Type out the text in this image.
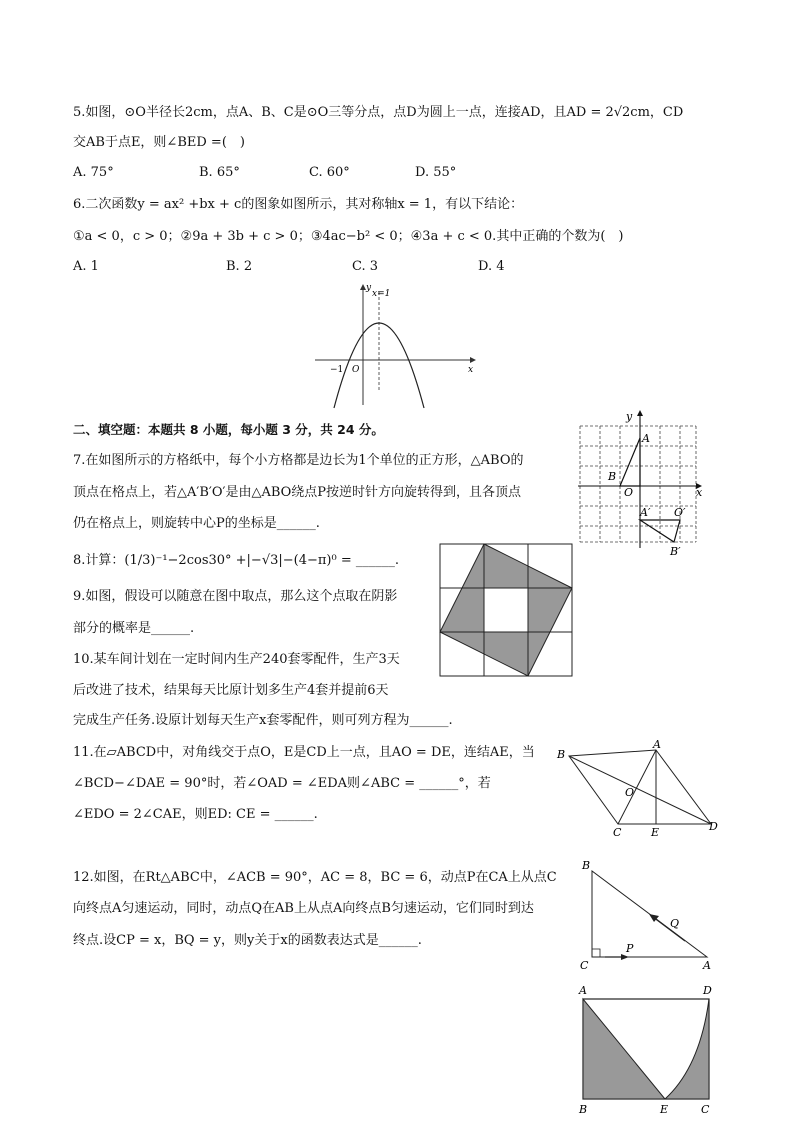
5.如图，⊙O半径长2cm，点A、B、C是⊙O三等分点，点D为圆上一点，连接AD，且AD = 2√2cm，CD
交AB于点E，则∠BED =(　)
A. 75°	B. 65°	C. 60°	D. 55°
6.二次函数y = ax² +bx + c的图象如图所示，其对称轴x = 1，有以下结论：
①a < 0，c > 0；②9a + 3b + c > 0；③4ac−b² < 0；④3a + c < 0.其中正确的个数为(　)
A. 1	B. 2	C. 3	D. 4
y
x=1
x
O
−1
二、填空题：本题共 8 小题，每小题 3 分，共 24 分。
7.在如图所示的方格纸中，每个小方格都是边长为1个单位的正方形，△ABO的
顶点在格点上，若△A′B′O′是由△ABO绕点P按逆时针方向旋转得到，且各顶点
仍在格点上，则旋转中心P的坐标是______.
y
A
B
O	x
A′ O′
B′
8.计算：(1/3)⁻¹−2cos30° +|−√3|−(4−π)⁰ = ______.
9.如图，假设可以随意在图中取点，那么这个点取在阴影
部分的概率是______.
10.某车间计划在一定时间内生产240套零配件，生产3天
后改进了技术，结果每天比原计划多生产4套并提前6天
完成生产任务.设原计划每天生产x套零配件，则可列方程为______.
11.在▱ABCD中，对角线交于点O，E是CD上一点，且AO = DE，连结AE，当
∠BCD−∠DAE = 90°时，若∠OAD = ∠EDA则∠ABC = ______°，若
∠EDO = 2∠CAE，则ED: CE = ______.
B
A
O
C	E	D
12.如图，在Rt△ABC中，∠ACB = 90°，AC = 8，BC = 6，动点P在CA上从点C
向终点A匀速运动，同时，动点Q在AB上从点A向终点B匀速运动，它们同时到达
终点.设CP = x，BQ = y，则y关于x的函数表达式是______.
B
Q
P
C	A
A	D
B	E	C
